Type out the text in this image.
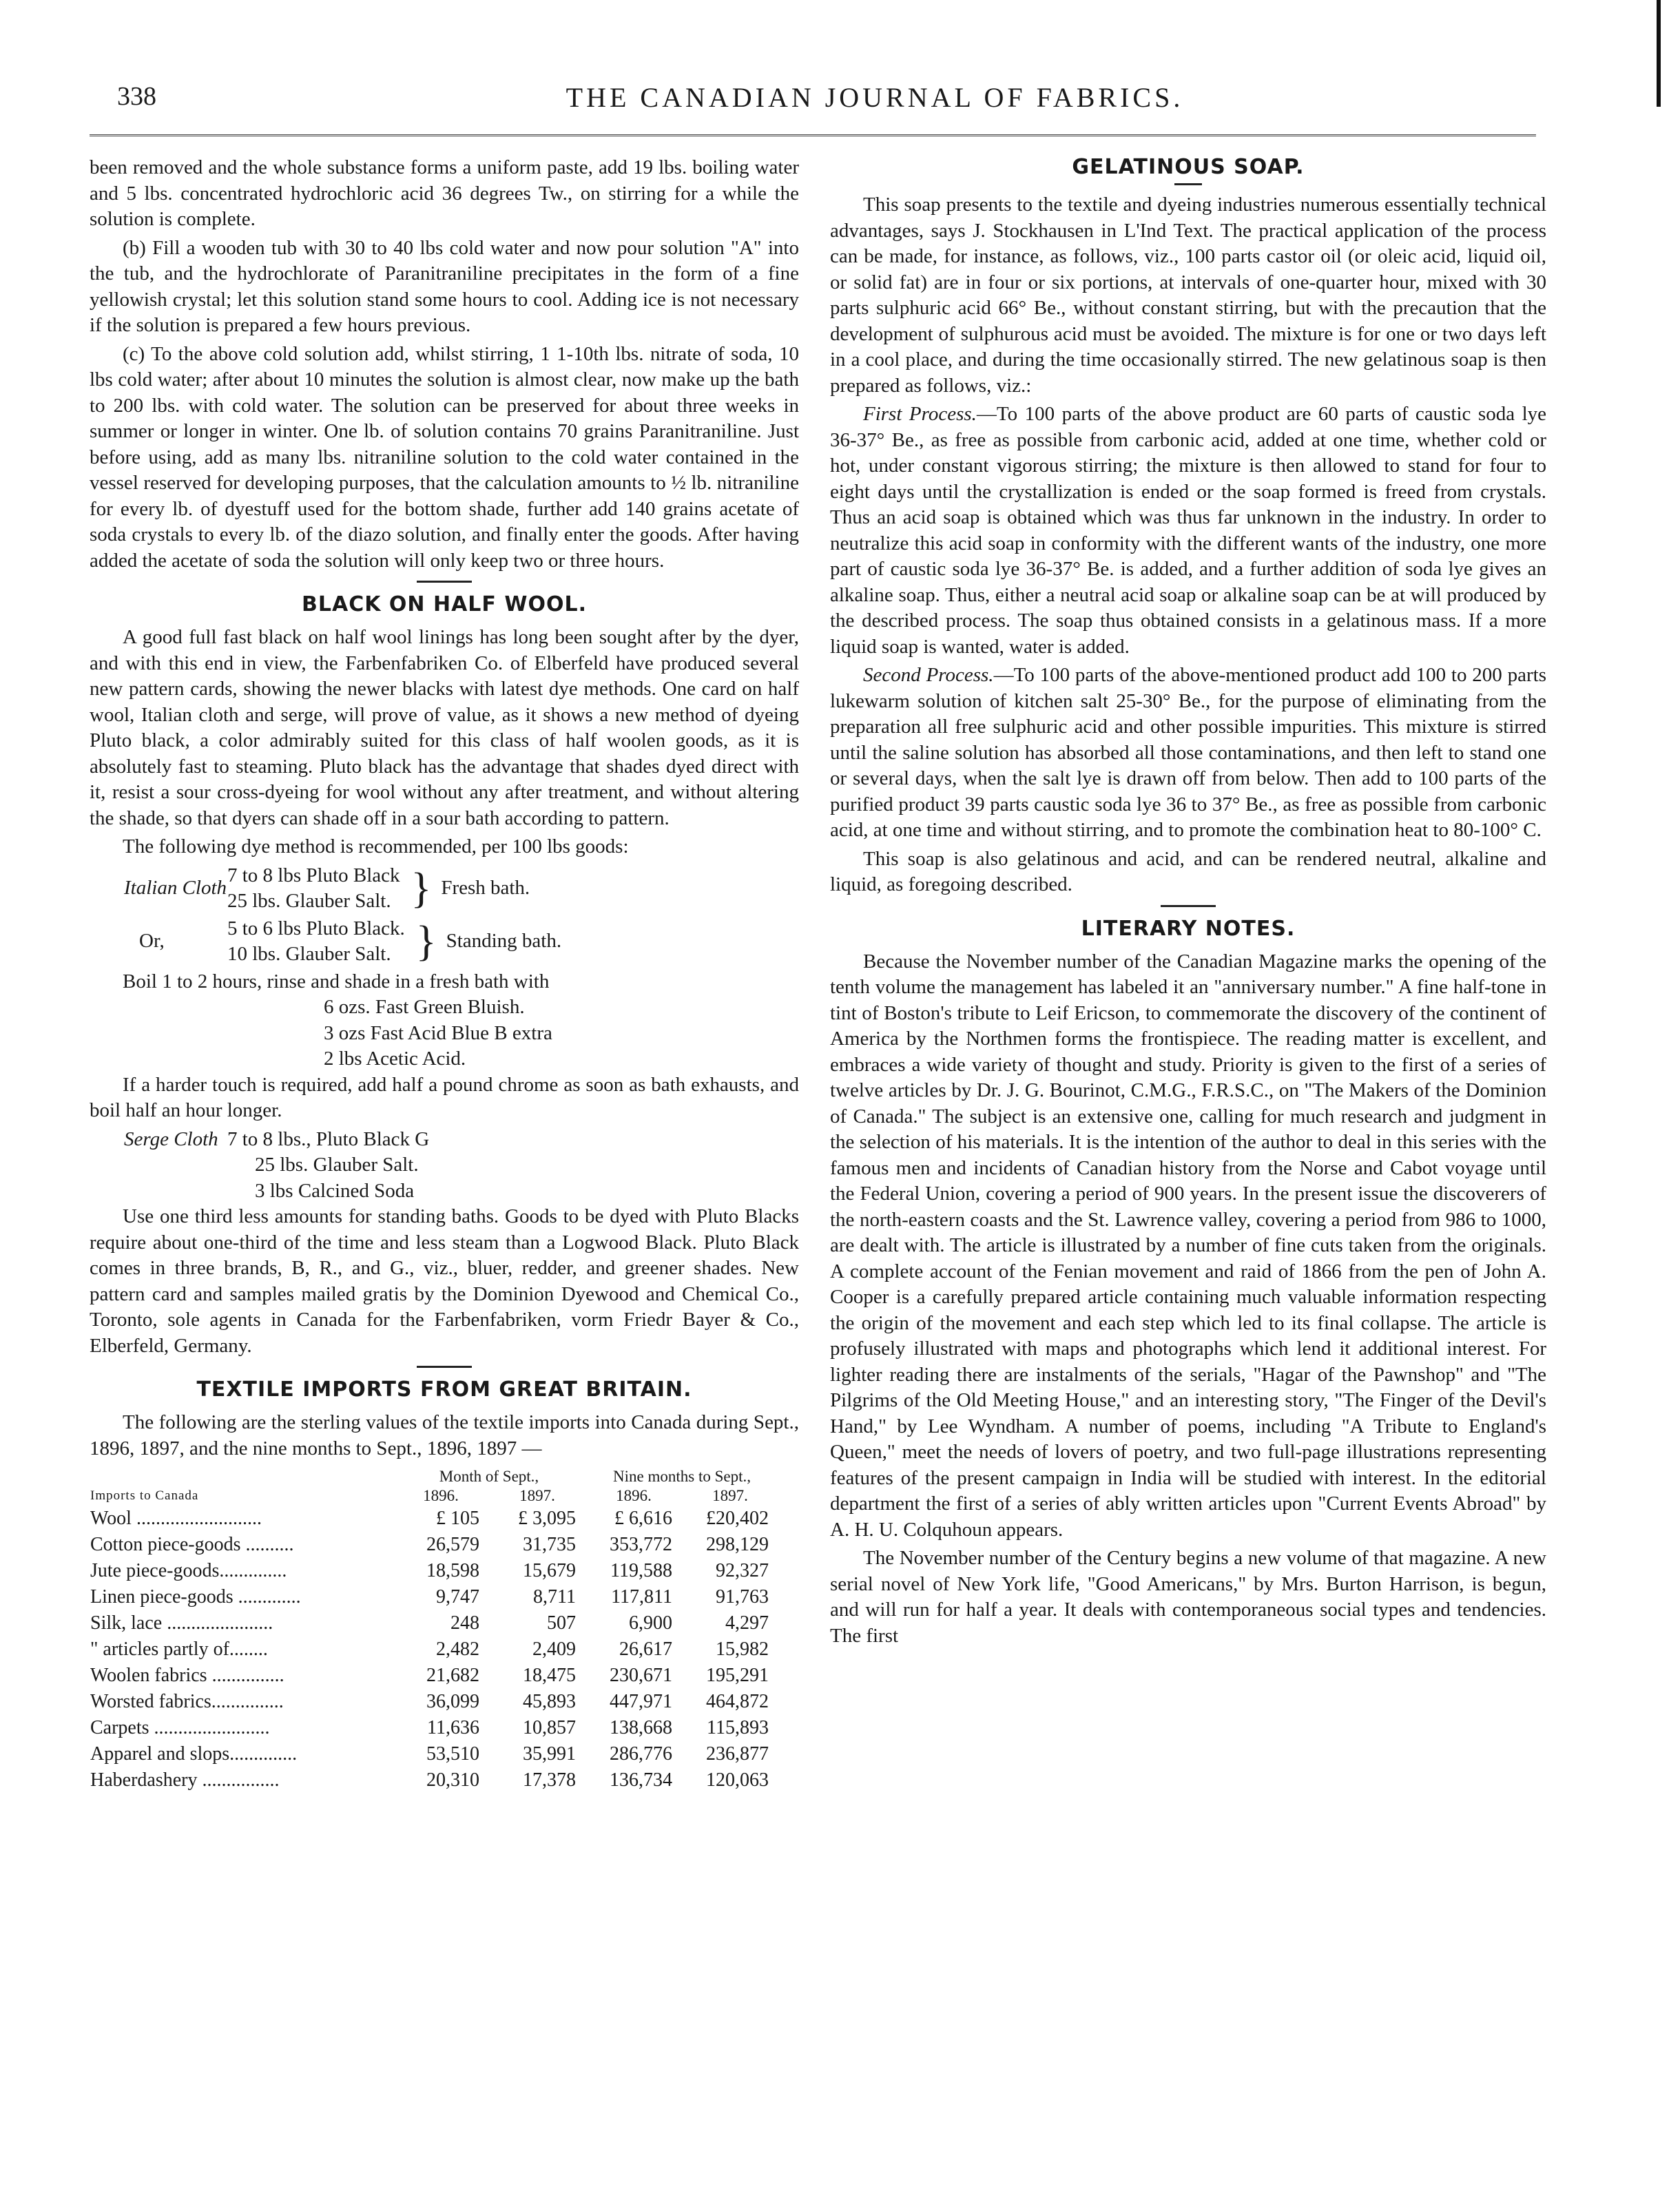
338	THE CANADIAN JOURNAL OF FABRICS.

been removed and the whole substance forms a uniform paste, add 19 lbs. boiling water and 5 lbs. concentrated hydrochloric acid 36 degrees Tw., on stirring for a while the solution is complete.

(b) Fill a wooden tub with 30 to 40 lbs cold water and now pour solution "A" into the tub, and the hydrochlorate of Paranitraniline precipitates in the form of a fine yellowish crystal; let this solution stand some hours to cool. Adding ice is not necessary if the solution is prepared a few hours previous.

(c) To the above cold solution add, whilst stirring, 1 1-10th lbs. nitrate of soda, 10 lbs cold water; after about 10 minutes the solution is almost clear, now make up the bath to 200 lbs. with cold water. The solution can be preserved for about three weeks in summer or longer in winter. One lb. of solution contains 70 grains Paranitraniline. Just before using, add as many lbs. nitraniline solution to the cold water contained in the vessel reserved for developing purposes, that the calculation amounts to ½ lb. nitraniline for every lb. of dyestuff used for the bottom shade, further add 140 grains acetate of soda crystals to every lb. of the diazo solution, and finally enter the goods. After having added the acetate of soda the solution will only keep two or three hours.

BLACK ON HALF WOOL.

A good full fast black on half wool linings has long been sought after by the dyer, and with this end in view, the Farbenfabriken Co. of Elberfeld have produced several new pattern cards, showing the newer blacks with latest dye methods. One card on half wool, Italian cloth and serge, will prove of value, as it shows a new method of dyeing Pluto black, a color admirably suited for this class of half woolen goods, as it is absolutely fast to steaming. Pluto black has the advantage that shades dyed direct with it, resist a sour cross-dyeing for wool without any after treatment, and without altering the shade, so that dyers can shade off in a sour bath according to pattern.

The following dye method is recommended, per 100 lbs goods:

Italian Cloth
7 to 8 lbs Pluto Black
25 lbs. Glauber Salt. } Fresh bath.
Or,
5 to 6 lbs Pluto Black.
10 lbs. Glauber Salt. } Standing bath.
Boil 1 to 2 hours, rinse and shade in a fresh bath with
6 ozs. Fast Green Bluish.
3 ozs Fast Acid Blue B extra
2 lbs Acetic Acid.

If a harder touch is required, add half a pound chrome as soon as bath exhausts, and boil half an hour longer.

Serge Cloth 7 to 8 lbs., Pluto Black G
25 lbs. Glauber Salt.
3 lbs Calcined Soda

Use one third less amounts for standing baths. Goods to be dyed with Pluto Blacks require about one-third of the time and less steam than a Logwood Black. Pluto Black comes in three brands, B, R., and G., viz., bluer, redder, and greener shades. New pattern card and samples mailed gratis by the Dominion Dyewood and Chemical Co., Toronto, sole agents in Canada for the Farbenfabriken, vorm Friedr Bayer & Co., Elberfeld, Germany.

TEXTILE IMPORTS FROM GREAT BRITAIN.

The following are the sterling values of the textile imports into Canada during Sept., 1896, 1897, and the nine months to Sept., 1896, 1897 —

	Month of Sept.,		Nine months to Sept.,	
Imports to Canada	1896.	1897.	1896.	1897.
Wool ..........................	£ 105	£ 3,095	£ 6,616	£20,402
Cotton piece-goods ..........	26,579	31,735	353,772	298,129
Jute piece-goods..............	18,598	15,679	119,588	92,327
Linen piece-goods .............	9,747	8,711	117,811	91,763
Silk, lace ......................	248	507	6,900	4,297
" articles partly of........	2,482	2,409	26,617	15,982
Woolen fabrics ...............	21,682	18,475	230,671	195,291
Worsted fabrics...............	36,099	45,893	447,971	464,872
Carpets ........................	11,636	10,857	138,668	115,893
Apparel and slops..............	53,510	35,991	286,776	236,877
Haberdashery ................	20,310	17,378	136,734	120,063
GELATINOUS SOAP.

This soap presents to the textile and dyeing industries numerous essentially technical advantages, says J. Stockhausen in L'Ind Text. The practical application of the process can be made, for instance, as follows, viz., 100 parts castor oil (or oleic acid, liquid oil, or solid fat) are in four or six portions, at intervals of one-quarter hour, mixed with 30 parts sulphuric acid 66° Be., without constant stirring, but with the precaution that the development of sulphurous acid must be avoided. The mixture is for one or two days left in a cool place, and during the time occasionally stirred. The new gelatinous soap is then prepared as follows, viz.:

First Process.—To 100 parts of the above product are 60 parts of caustic soda lye 36-37° Be., as free as possible from carbonic acid, added at one time, whether cold or hot, under constant vigorous stirring; the mixture is then allowed to stand for four to eight days until the crystallization is ended or the soap formed is freed from crystals. Thus an acid soap is obtained which was thus far unknown in the industry. In order to neutralize this acid soap in conformity with the different wants of the industry, one more part of caustic soda lye 36-37° Be. is added, and a further addition of soda lye gives an alkaline soap. Thus, either a neutral acid soap or alkaline soap can be at will produced by the described process. The soap thus obtained consists in a gelatinous mass. If a more liquid soap is wanted, water is added.

Second Process.—To 100 parts of the above-mentioned product add 100 to 200 parts lukewarm solution of kitchen salt 25-30° Be., for the purpose of eliminating from the preparation all free sulphuric acid and other possible impurities. This mixture is stirred until the saline solution has absorbed all those contaminations, and then left to stand one or several days, when the salt lye is drawn off from below. Then add to 100 parts of the purified product 39 parts caustic soda lye 36 to 37° Be., as free as possible from carbonic acid, at one time and without stirring, and to promote the combination heat to 80-100° C.

This soap is also gelatinous and acid, and can be rendered neutral, alkaline and liquid, as foregoing described.

LITERARY NOTES.

Because the November number of the Canadian Magazine marks the opening of the tenth volume the management has labeled it an "anniversary number." A fine half-tone in tint of Boston's tribute to Leif Ericson, to commemorate the discovery of the continent of America by the Northmen forms the frontispiece. The reading matter is excellent, and embraces a wide variety of thought and study. Priority is given to the first of a series of twelve articles by Dr. J. G. Bourinot, C.M.G., F.R.S.C., on "The Makers of the Dominion of Canada." The subject is an extensive one, calling for much research and judgment in the selection of his materials. It is the intention of the author to deal in this series with the famous men and incidents of Canadian history from the Norse and Cabot voyage until the Federal Union, covering a period of 900 years. In the present issue the discoverers of the north-eastern coasts and the St. Lawrence valley, covering a period from 986 to 1000, are dealt with. The article is illustrated by a number of fine cuts taken from the originals. A complete account of the Fenian movement and raid of 1866 from the pen of John A. Cooper is a carefully prepared article containing much valuable information respecting the origin of the movement and each step which led to its final collapse. The article is profusely illustrated with maps and photographs which lend it additional interest. For lighter reading there are instalments of the serials, "Hagar of the Pawnshop" and "The Pilgrims of the Old Meeting House," and an interesting story, "The Finger of the Devil's Hand," by Lee Wyndham. A number of poems, including "A Tribute to England's Queen," meet the needs of lovers of poetry, and two full-page illustrations representing features of the present campaign in India will be studied with interest. In the editorial department the first of a series of ably written articles upon "Current Events Abroad" by A. H. U. Colquhoun appears.

The November number of the Century begins a new volume of that magazine. A new serial novel of New York life, "Good Americans," by Mrs. Burton Harrison, is begun, and will run for half a year. It deals with contemporaneous social types and tendencies. The first
